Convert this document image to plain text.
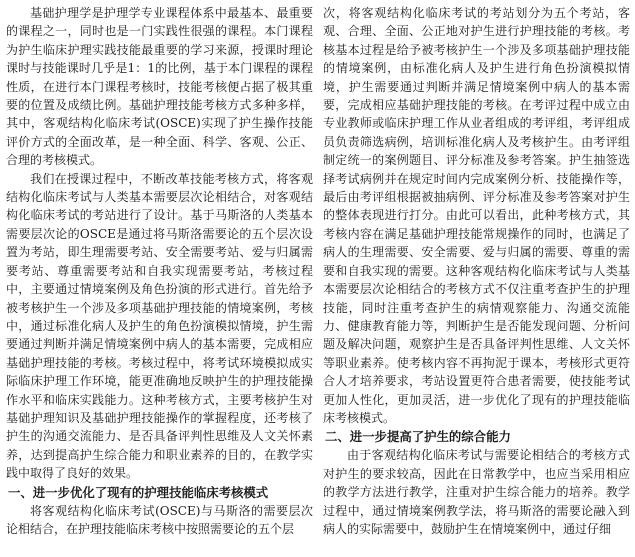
基础护理学是护理学专业课程体系中最基本、最重要的课程之一，同时也是一门实践性很强的课程。本门课程为护生临床护理实践技能最重要的学习来源，授课时理论课时与技能课时几乎是1：1的比例，基于本门课程的课程性质，在进行本门课程考核时，技能考核便占据了极其重要的位置及成绩比例。基础护理技能考核方式多种多样，其中，客观结构化临床考试(OSCE)实现了护生操作技能评价方式的全面改革，是一种全面、科学、客观、公正、合理的考核模式。

我们在授课过程中，不断改革技能考核方式，将客观结构化临床考试与人类基本需要层次论相结合，对客观结构化临床考试的考站进行了设计。基于马斯洛的人类基本需要层次论的OSCE是通过将马斯洛需要论的五个层次设置为考站，即生理需要考站、安全需要考站、爱与归属需要考站、尊重需要考站和自我实现需要考站，考核过程中，主要通过情境案例及角色扮演的形式进行。首先给予被考核护生一个涉及多项基础护理技能的情境案例，考核中，通过标准化病人及护生的角色扮演模拟情境，护生需要通过判断并满足情境案例中病人的基本需要，完成相应基础护理技能的考核。考核过程中，将考试环境模拟成实际临床护理工作环境，能更准确地反映护生的护理技能操作水平和临床实践能力。这种考核方式，主要考核护生对基础护理知识及基础护理技能操作的掌握程度，还考核了护生的沟通交流能力、是否具备评判性思维及人文关怀素养，达到提高护生综合能力和职业素养的目的，在教学实践中取得了良好的效果。

一、进一步优化了现有的护理技能临床考核模式

将客观结构化临床考试(OSCE)与马斯洛的需要层次论相结合，在护理技能临床考核中按照需要论的五个层

次，将客观结构化临床考试的考站划分为五个考站，客观、合理、全面、公正地对护生进行护理技能的考核。考核基本过程是给予被考核护生一个涉及多项基础护理技能的情境案例，由标准化病人及护生进行角色扮演模拟情境，护生需要通过判断并满足情境案例中病人的基本需要，完成相应基础护理技能的考核。在考评过程中成立由专业教师或临床护理工作从业者组成的考评组，考评组成员负责筛选病例，培训标准化病人及考核护生。由考评组制定统一的案例题目、评分标准及参考答案。护生抽签选择考试病例并在规定时间内完成案例分析、技能操作等，最后由考评组根据被抽病例、评分标准及参考答案对护生的整体表现进行打分。由此可以看出，此种考核方式，其考核内容在满足基础护理技能常规操作的同时，也满足了病人的生理需要、安全需要、爱与归属的需要、尊重的需要和自我实现的需要。这种客观结构化临床考试与人类基本需要层次论相结合的考核方式不仅注重考查护生的护理技能，同时注重考查护生的病情观察能力、沟通交流能力、健康教育能力等，判断护生是否能发现问题、分析问题及解决问题，观察护生是否具备评判性思维、人文关怀等职业素养。使考核内容不再拘泥于课本，考核形式更符合人才培养要求，考站设置更符合患者需要，使技能考试更加人性化，更加灵活，进一步优化了现有的护理技能临床考核模式。

二、进一步提高了护生的综合能力

由于客观结构化临床考试与需要论相结合的考核方式对护生的要求较高，因此在日常教学中，也应当采用相应的教学方法进行教学，注重对护生综合能力的培养。教学过程中，通过情境案例教学法，将马斯洛的需要论融入到病人的实际需要中，鼓励护生在情境案例中，通过仔细
